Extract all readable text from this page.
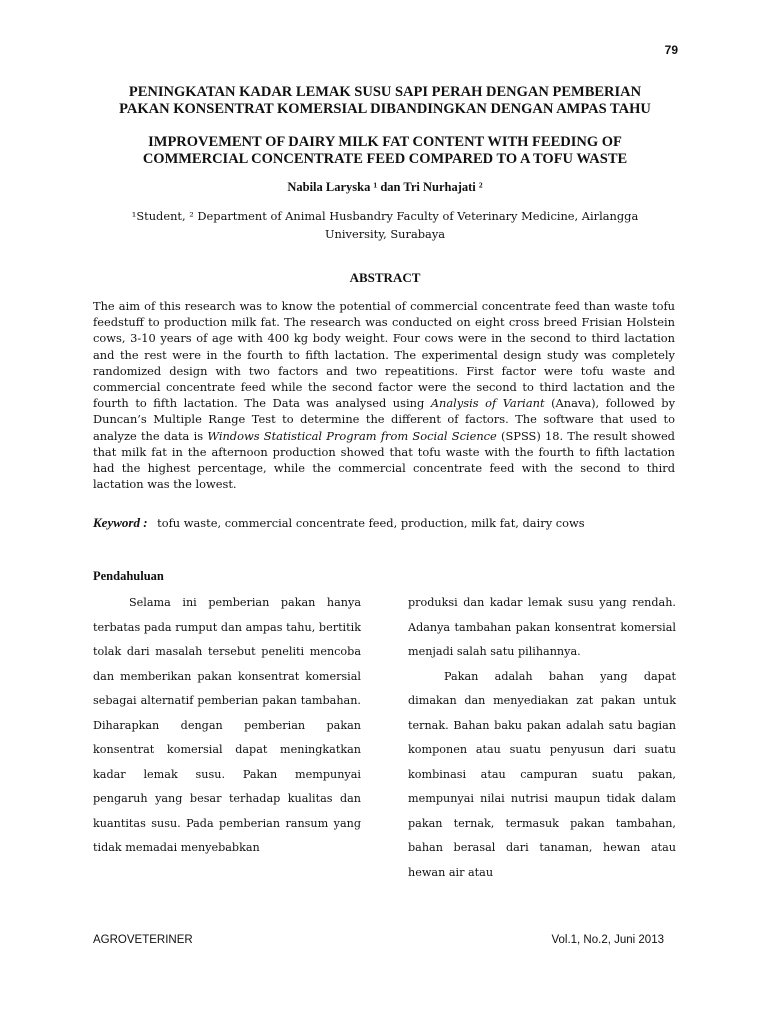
79
PENINGKATAN KADAR LEMAK SUSU SAPI PERAH DENGAN PEMBERIAN
PAKAN KONSENTRAT KOMERSIAL DIBANDINGKAN DENGAN AMPAS TAHU
IMPROVEMENT OF DAIRY MILK FAT CONTENT WITH FEEDING OF
COMMERCIAL CONCENTRATE FEED COMPARED TO A TOFU WASTE
Nabila Laryska ¹ dan Tri Nurhajati ²
¹Student, ² Department of Animal Husbandry Faculty of Veterinary Medicine, Airlangga
University, Surabaya
ABSTRACT

The aim of this research was to know the potential of commercial concentrate feed than waste tofu feedstuff to production milk fat. The research was conducted on eight cross breed Frisian Holstein cows, 3-10 years of age with 400 kg body weight. Four cows were in the second to third lactation and the rest were in the fourth to fifth lactation. The experimental design study was completely randomized design with two factors and two repeatitions. First factor were tofu waste and commercial concentrate feed while the second factor were the second to third lactation and the fourth to fifth lactation. The Data was analysed using Analysis of Variant (Anava), followed by Duncan’s Multiple Range Test to determine the different of factors. The software that used to analyze the data is Windows Statistical Program from Social Science (SPSS) 18. The result showed that milk fat in the afternoon production showed that tofu waste with the fourth to fifth lactation had the highest percentage, while the commercial concentrate feed with the second to third lactation was the lowest.

Keyword : tofu waste, commercial concentrate feed, production, milk fat, dairy cows
Pendahuluan

Selama ini pemberian pakan hanya terbatas pada rumput dan ampas tahu, bertitik tolak dari masalah tersebut peneliti mencoba dan memberikan pakan konsentrat komersial sebagai alternatif pemberian pakan tambahan. Diharapkan dengan pemberian pakan konsentrat komersial dapat meningkatkan kadar lemak susu. Pakan mempunyai pengaruh yang besar terhadap kualitas dan kuantitas susu. Pada pemberian ransum yang tidak memadai menyebabkan

produksi dan kadar lemak susu yang rendah. Adanya tambahan pakan konsentrat komersial menjadi salah satu pilihannya.

Pakan adalah bahan yang dapat dimakan dan menyediakan zat pakan untuk ternak. Bahan baku pakan adalah satu bagian komponen atau suatu penyusun dari suatu kombinasi atau campuran suatu pakan, mempunyai nilai nutrisi maupun tidak dalam pakan ternak, termasuk pakan tambahan, bahan berasal dari tanaman, hewan atau hewan air atau

AGROVETERINER	Vol.1, No.2, Juni 2013
